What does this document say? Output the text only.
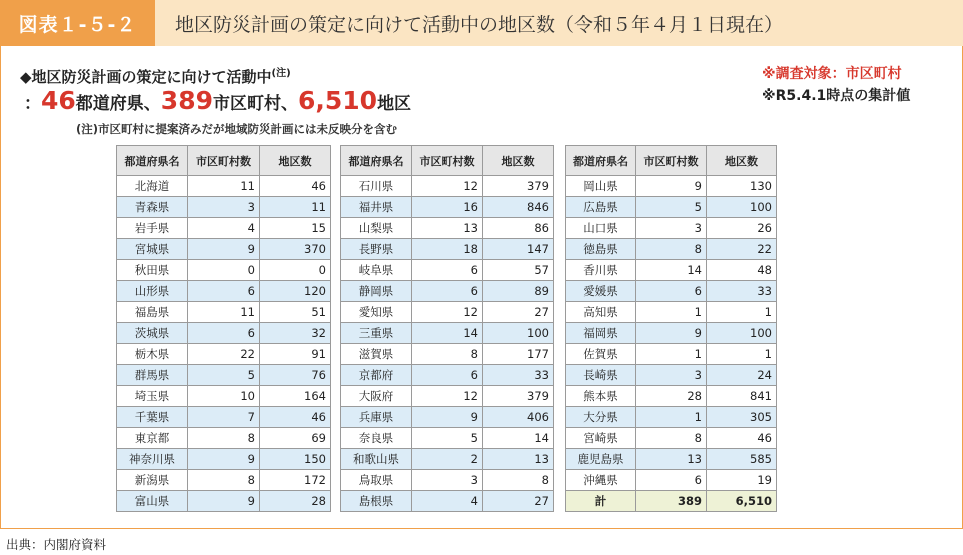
図表１-５-２	地区防災計画の策定に向けて活動中の地区数（令和５年４月１日現在）
◆地区防災計画の策定に向けて活動中$^{(注)}$
：46都道府県、389市区町村、6,510地区
(注)市区町村に提案済みだが地域防災計画には未反映分を含む
※調査対象：市区町村
※R5.4.1時点の集計値
都道府県名	市区町村数	地区数
北海道	11	46
青森県	3	11
岩手県	4	15
宮城県	9	370
秋田県	0	0
山形県	6	120
福島県	11	51
茨城県	6	32
栃木県	22	91
群馬県	5	76
埼玉県	10	164
千葉県	7	46
東京都	8	69
神奈川県	9	150
新潟県	8	172
富山県	9	28
都道府県名	市区町村数	地区数
石川県	12	379
福井県	16	846
山梨県	13	86
長野県	18	147
岐阜県	6	57
静岡県	6	89
愛知県	12	27
三重県	14	100
滋賀県	8	177
京都府	6	33
大阪府	12	379
兵庫県	9	406
奈良県	5	14
和歌山県	2	13
鳥取県	3	8
島根県	4	27
都道府県名	市区町村数	地区数
岡山県	9	130
広島県	5	100
山口県	3	26
徳島県	8	22
香川県	14	48
愛媛県	6	33
高知県	1	1
福岡県	9	100
佐賀県	1	1
長崎県	3	24
熊本県	28	841
大分県	1	305
宮崎県	8	46
鹿児島県	13	585
沖縄県	6	19
計	389	6,510
出典：内閣府資料
